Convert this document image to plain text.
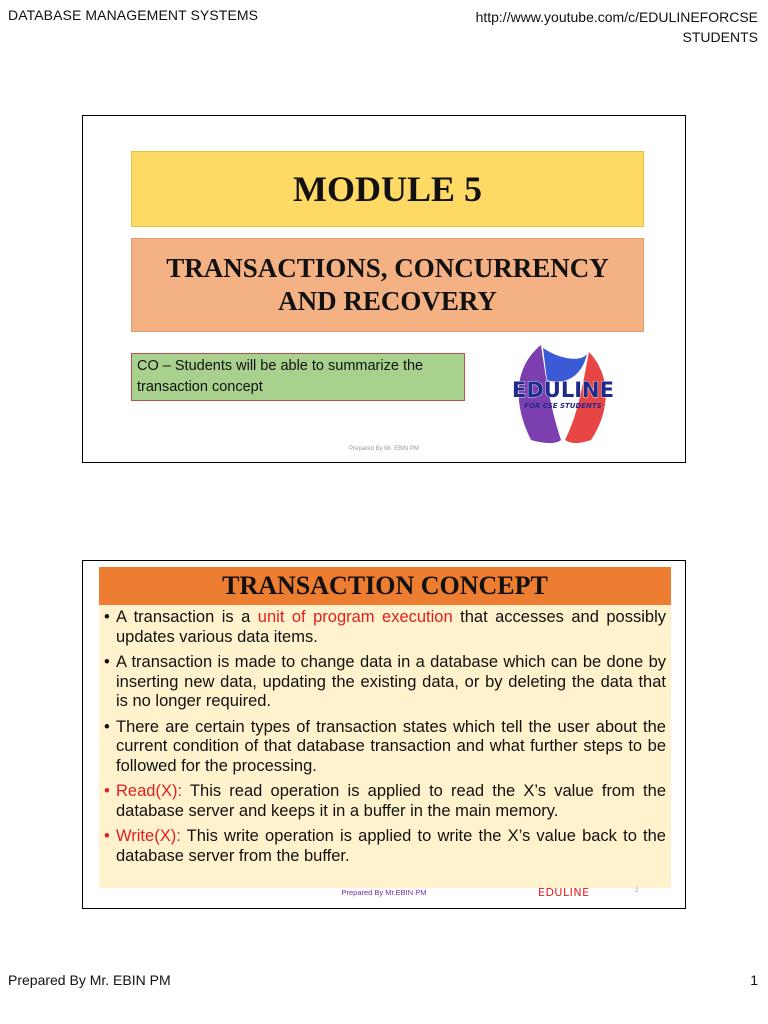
DATABASE MANAGEMENT SYSTEMS	http://www.youtube.com/c/EDULINEFORCSE
STUDENTS
MODULE 5
TRANSACTIONS, CONCURRENCY AND RECOVERY
CO – Students will be able to summarize the transaction concept	EDULINE
FOR CSE STUDENTS
Prepared By Mr. EBIN PM
TRANSACTION CONCEPT
• A transaction is a unit of program execution that accesses and possibly updates various data items.
• A transaction is made to change data in a database which can be done by inserting new data, updating the existing data, or by deleting the data that is no longer required.
• There are certain types of transaction states which tell the user about the current condition of that database transaction and what further steps to be followed for the processing.
• Read(X): This read operation is applied to read the X’s value from the database server and keeps it in a buffer in the main memory.
• Write(X): This write operation is applied to write the X’s value back to the database server from the buffer.
Prepared By Mr.EBIN PM	EDULINE	2
Prepared By Mr. EBIN PM	1
